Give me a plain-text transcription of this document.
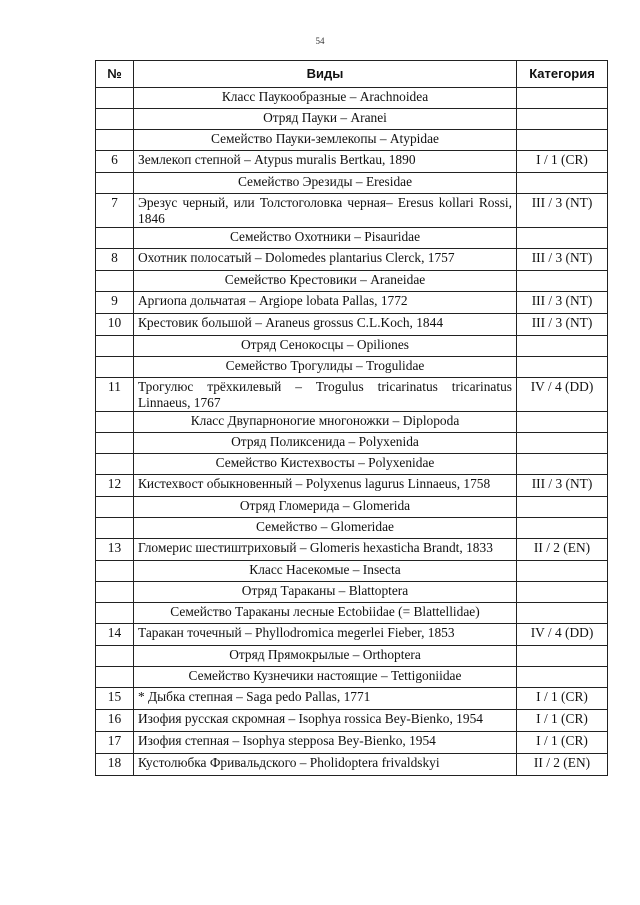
54
№	Виды	Категория
	Класс Паукообразные – Arachnoidea	
	Отряд Пауки – Aranei	
	Семейство Пауки-землекопы – Atypidae	
6	Землекоп степной – Atypus muralis Bertkau, 1890	I / 1 (CR)
	Семейство Эрезиды – Eresidae	
7	Эрезус черный, или Толстоголовка черная– Eresus kollari Rossi, 1846	III / 3 (NT)
	Семейство Охотники – Pisauridae	
8	Охотник полосатый – Dolomedes plantarius Clerck, 1757	III / 3 (NT)
	Семейство Крестовики – Araneidae	
9	Аргиопа дольчатая – Argiope lobata Pallas, 1772	III / 3 (NT)
10	Крестовик большой – Araneus grossus C.L.Koch, 1844	III / 3 (NT)
	Отряд Сенокосцы – Opiliones	
	Семейство Трогулиды – Trogulidae	
11	Трогулюс трёхкилевый – Trogulus tricarinatus tricarinatus Linnaeus, 1767	IV / 4 (DD)
	Класс Двупарноногие многоножки – Diplopoda	
	Отряд Поликсенида – Polyxenida	
	Семейство Кистехвосты – Polyxenidae	
12	Кистехвост обыкновенный – Polyxenus lagurus Linnaeus, 1758	III / 3 (NT)
	Отряд Гломерида – Glomerida	
	Семейство – Glomeridae	
13	Гломерис шестиштриховый – Glomeris hexasticha Brandt, 1833	II / 2 (EN)
	Класс Насекомые – Insecta	
	Отряд Тараканы – Blattoptera	
	Семейство Тараканы лесные Ectobiidae (= Blattellidae)	
14	Таракан точечный – Phyllodromica megerlei Fieber, 1853	IV / 4 (DD)
	Отряд Прямокрылые – Orthoptera	
	Семейство Кузнечики настоящие – Tettigoniidae	
15	* Дыбка степная – Saga pedo Pallas, 1771	I / 1 (CR)
16	Изофия русская скромная – Isophya rossica Bey-Bienko, 1954	I / 1 (CR)
17	Изофия степная – Isophya stepposa Bey-Bienko, 1954	I / 1 (CR)
18	Кустолюбка Фривальдского – Pholidoptera frivaldskyi	II / 2 (EN)
